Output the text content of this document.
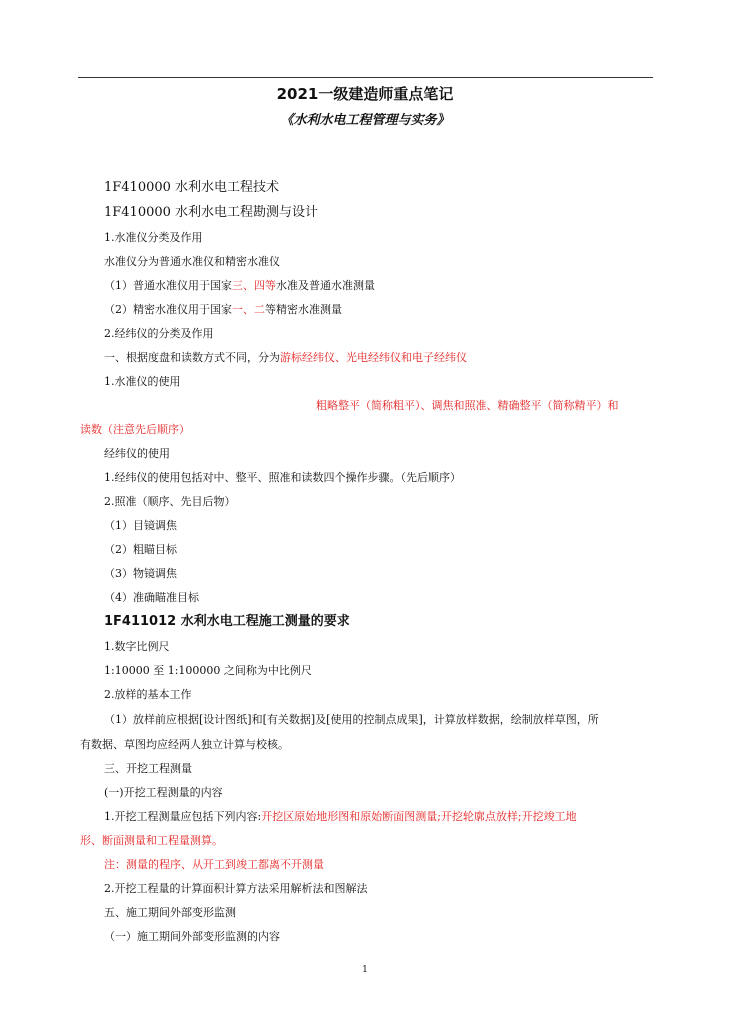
2021一级建造师重点笔记
《水利水电工程管理与实务》
1F410000 水利水电工程技术
1F410000 水利水电工程勘测与设计
1.水准仪分类及作用
水准仪分为普通水准仪和精密水准仪
（1）普通水准仪用于国家三、四等水准及普通水准测量
（2）精密水准仪用于国家一、二等精密水准测量
2.经纬仪的分类及作用
一、根据度盘和读数方式不同，分为游标经纬仪、光电经纬仪和电子经纬仪
1.水准仪的使用
粗略整平（简称粗平）、调焦和照准、精确整平（简称精平）和
读数（注意先后顺序）
经纬仪的使用
1.经纬仪的使用包括对中、整平、照准和读数四个操作步骤。（先后顺序）
2.照准（顺序、先目后物）
（1）目镜调焦
（2）粗瞄目标
（3）物镜调焦
（4）准确瞄准目标
1F411012 水利水电工程施工测量的要求
1.数字比例尺
1:10000 至 1:100000 之间称为中比例尺
2.放样的基本工作
（1）放样前应根据[设计图纸]和[有关数据]及[使用的控制点成果]，计算放样数据，绘制放样草图，所
有数据、草图均应经两人独立计算与校核。
三、开挖工程测量
(一)开挖工程测量的内容
1.开挖工程测量应包括下列内容:开挖区原始地形图和原始断面图测量;开挖轮廓点放样;开挖竣工地
形、断面测量和工程量测算。
注：测量的程序、从开工到竣工都离不开测量
2.开挖工程量的计算面积计算方法采用解析法和图解法
五、施工期间外部变形监测
（一）施工期间外部变形监测的内容
1
